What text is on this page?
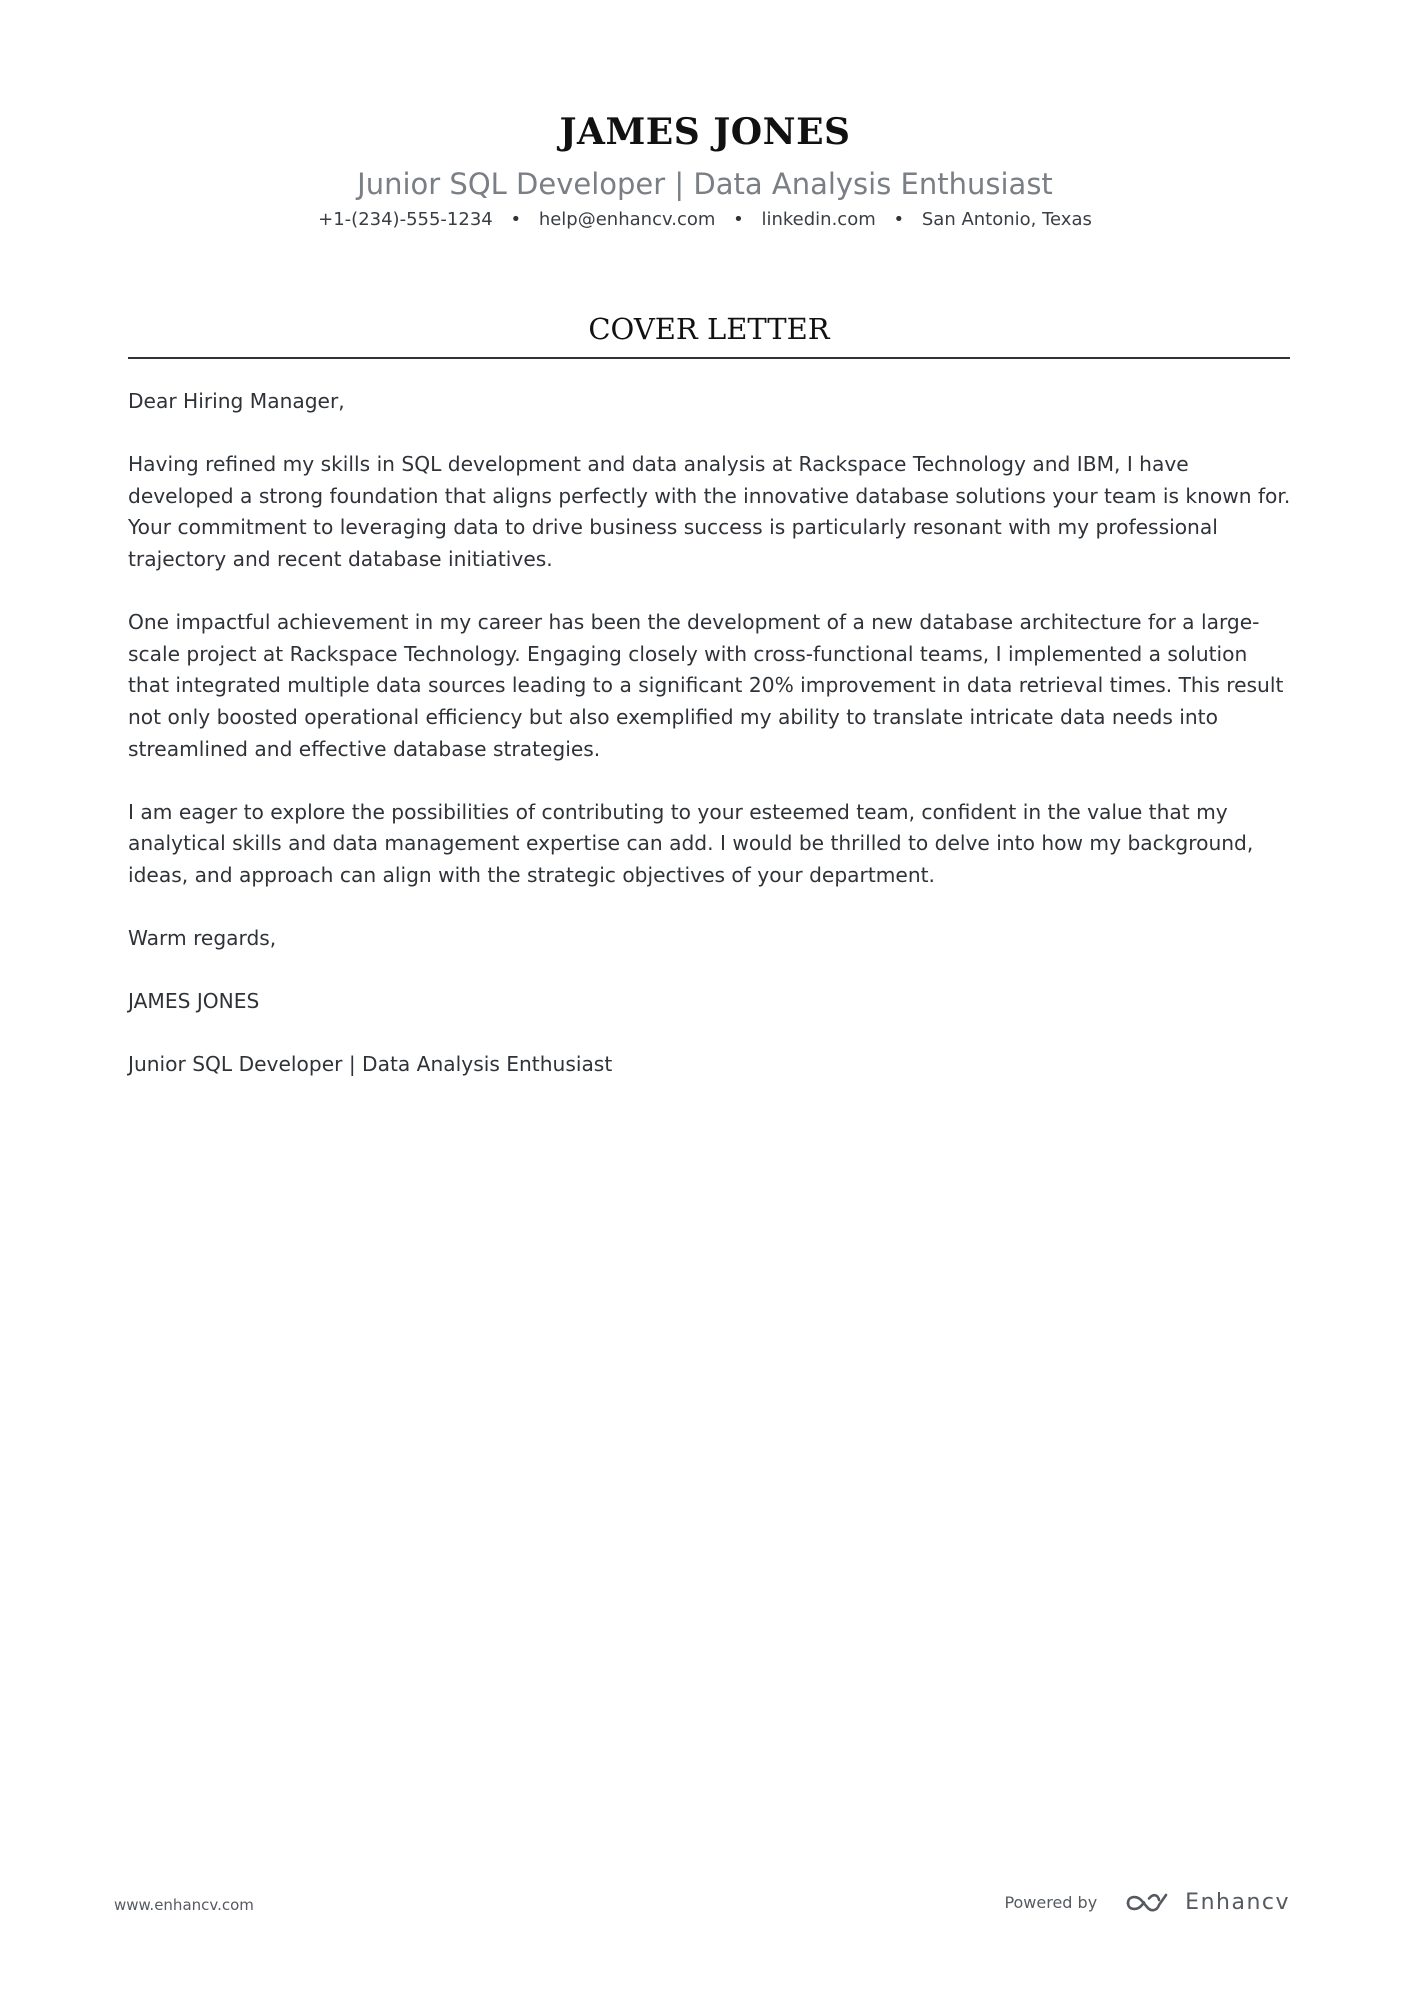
JAMES JONES
Junior SQL Developer | Data Analysis Enthusiast
+1-(234)-555-1234 • help@enhancv.com • linkedin.com • San Antonio, Texas
COVER LETTER

Dear Hiring Manager,

Having refined my skills in SQL development and data analysis at Rackspace Technology and IBM, I have developed a strong foundation that aligns perfectly with the innovative database solutions your team is known for. Your commitment to leveraging data to drive business success is particularly resonant with my professional trajectory and recent database initiatives.

One impactful achievement in my career has been the development of a new database architecture for a large-scale project at Rackspace Technology. Engaging closely with cross-functional teams, I implemented a solution that integrated multiple data sources leading to a significant 20% improvement in data retrieval times. This result not only boosted operational efficiency but also exemplified my ability to translate intricate data needs into streamlined and effective database strategies.

I am eager to explore the possibilities of contributing to your esteemed team, confident in the value that my analytical skills and data management expertise can add. I would be thrilled to delve into how my background, ideas, and approach can align with the strategic objectives of your department.

Warm regards,

JAMES JONES

Junior SQL Developer | Data Analysis Enthusiast

www.enhancv.com	Powered by	Enhancv
